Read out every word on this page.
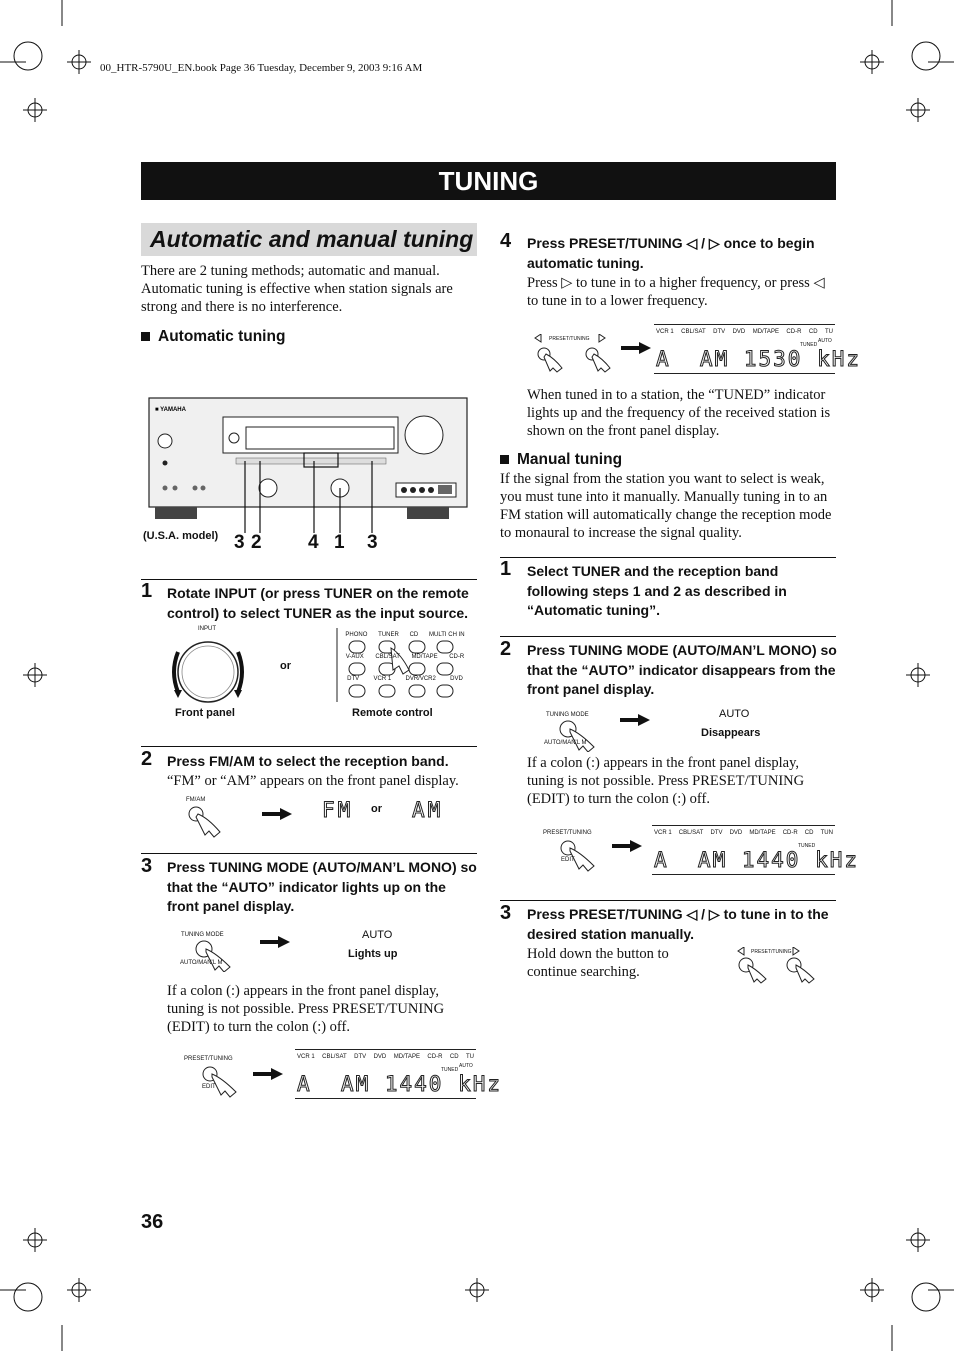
00_HTR-5790U_EN.book Page 36 Tuesday, December 9, 2003 9:16 AM
TUNING
Automatic and manual tuning
There are 2 tuning methods; automatic and manual. Automatic tuning is effective when station signals are strong and there is no interference.
Automatic tuning
■ YAMAHA
3 2 4 1 3
(U.S.A. model)
1 Rotate INPUT (or press TUNER on the remote control) to select TUNER as the input source.
INPUT
or
PHONO TUNER CD MULTI CH IN
V-AUX CBL/SAT MD/TAPE CD-R
DTV VCR 1 DVR/VCR2 DVD
Front panel	Remote control
2 Press FM/AM to select the reception band.
“FM” or “AM” appears on the front panel display.
FM/AM	FM or AM
3 Press TUNING MODE (AUTO/MAN’L MONO) so that the “AUTO” indicator lights up on the front panel display.
TUNING MODE
AUTO/MAN'L M
AUTO
Lights up
If a colon (:) appears in the front panel display, tuning is not possible. Press PRESET/TUNING (EDIT) to turn the colon (:) off.
PRESET/TUNING
EDIT
VCR 1 CBL/SAT DTV DVD MD/TAPE CD-R CD TU
TUNED
AUTO
A  AM 1440 kHz
4 Press PRESET/TUNING ◁ / ▷ once to begin automatic tuning.
Press ▷ to tune in to a higher frequency, or press ◁ to tune in to a lower frequency.
PRESET/TUNING
VCR 1 CBL/SAT DTV DVD MD/TAPE CD-R CD TU
TUNED
AUTO
A  AM 1530 kHz
When tuned in to a station, the “TUNED” indicator lights up and the frequency of the received station is shown on the front panel display.
Manual tuning
If the signal from the station you want to select is weak, you must tune into it manually. Manually tuning in to an FM station will automatically change the reception mode to monaural to increase the signal quality.
1 Select TUNER and the reception band following steps 1 and 2 as described in “Automatic tuning”.
2 Press TUNING MODE (AUTO/MAN’L MONO) so that the “AUTO” indicator disappears from the front panel display.
TUNING MODE
AUTO/MAN'L M
AUTO
Disappears
If a colon (:) appears in the front panel display, tuning is not possible. Press PRESET/TUNING (EDIT) to turn the colon (:) off.
PRESET/TUNING
EDIT
VCR 1 CBL/SAT DTV DVD MD/TAPE CD-R CD TUN
TUNED
A  AM 1440 kHz
3 Press PRESET/TUNING ◁ / ▷ to tune in to the desired station manually.
Hold down the button to continue searching.
PRESET/TUNING
36
